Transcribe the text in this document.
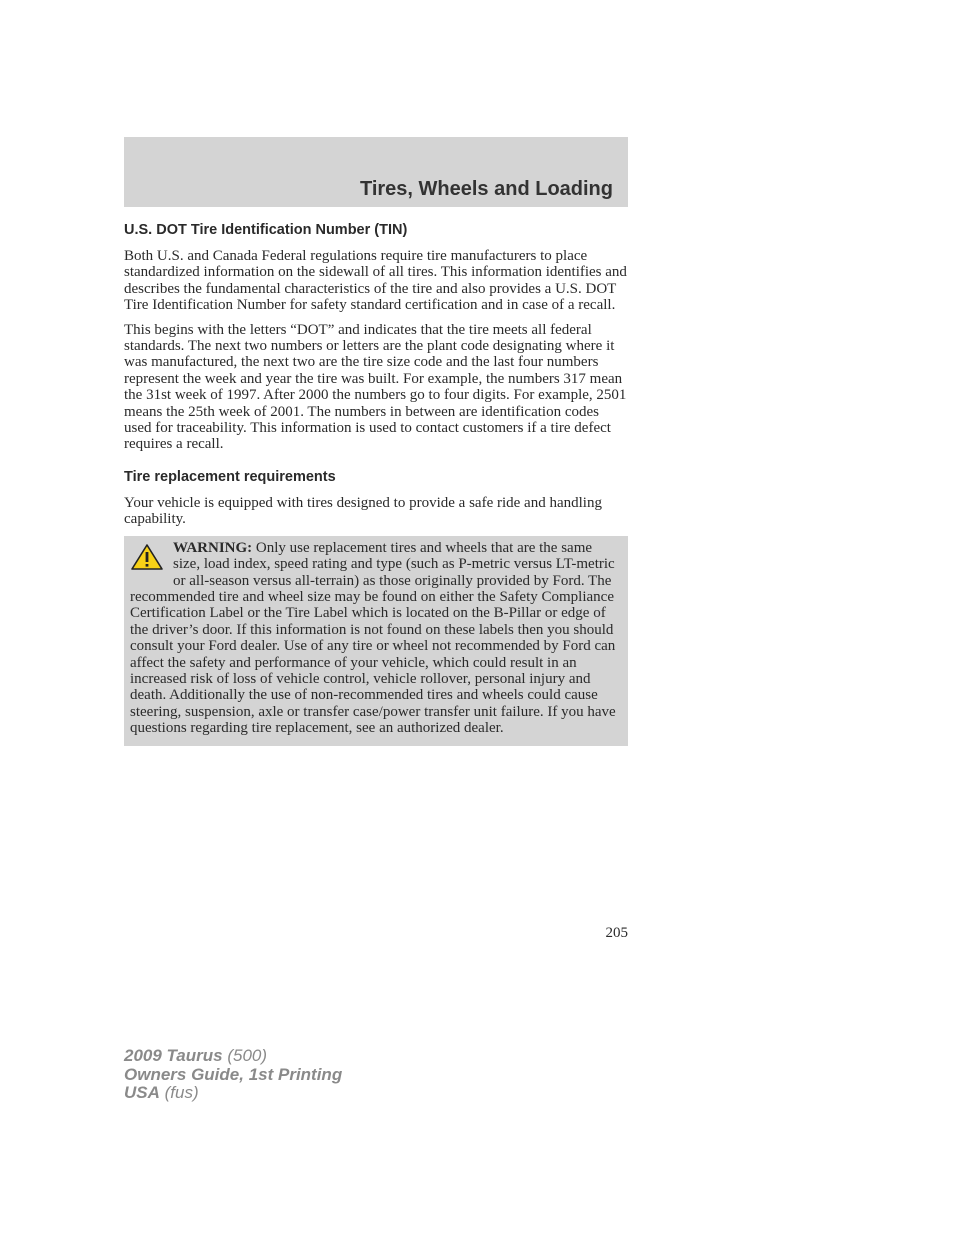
Tires, Wheels and Loading
U.S. DOT Tire Identification Number (TIN)

Both U.S. and Canada Federal regulations require tire manufacturers to place standardized information on the sidewall of all tires. This information identifies and describes the fundamental characteristics of the tire and also provides a U.S. DOT Tire Identification Number for safety standard certification and in case of a recall.

This begins with the letters “DOT” and indicates that the tire meets all federal standards. The next two numbers or letters are the plant code designating where it was manufactured, the next two are the tire size code and the last four numbers represent the week and year the tire was built. For example, the numbers 317 mean the 31st week of 1997. After 2000 the numbers go to four digits. For example, 2501 means the 25th week of 2001. The numbers in between are identification codes used for traceability. This information is used to contact customers if a tire defect requires a recall.

Tire replacement requirements

Your vehicle is equipped with tires designed to provide a safe ride and handling capability.

WARNING: Only use replacement tires and wheels that are the same size, load index, speed rating and type (such as P-metric versus LT-metric or all-season versus all-terrain) as those originally provided by Ford. The recommended tire and wheel size may be found on either the Safety Compliance Certification Label or the Tire Label which is located on the B-Pillar or edge of the driver’s door. If this information is not found on these labels then you should consult your Ford dealer. Use of any tire or wheel not recommended by Ford can affect the safety and performance of your vehicle, which could result in an increased risk of loss of vehicle control, vehicle rollover, personal injury and death. Additionally the use of non-recommended tires and wheels could cause steering, suspension, axle or transfer case/power transfer unit failure. If you have questions regarding tire replacement, see an authorized dealer.
205
2009 Taurus (500)
Owners Guide, 1st Printing
USA (fus)
